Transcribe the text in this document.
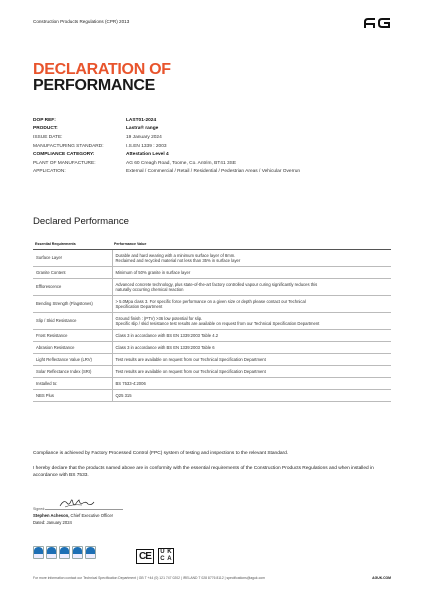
Construction Products Regulations (CPR) 2013
DECLARATION OF
PERFORMANCE
DOP REF:	LAST01-2024
PRODUCT:	Lastra® range
ISSUE DATE:	19 January 2024
MANUFACTURING STANDARD:	I.S.EN 1339 : 2003
COMPLIANCE CATEGORY:	Attestation Level 4
PLANT OF MANUFACTURE:	AG 60 Creagh Road, Toome, Co. Antrim, BT41 3SE
APPLICATION:	External / Commercial / Retail / Residential / Pedestrian Areas / Vehicular Overrun
Declared Performance
Essential Requirements	Performance Value
Surface Layer	Durable and hard wearing with a minimum surface layer of 8mm.
Reclaimed and recycled material not less than 35% in surface layer

Granite Content	Minimum of 50% granite in surface layer

Efflorescence	Advanced concrete technology, plus state-of-the-art factory controlled vapour curing significantly reduces this
naturally occurring chemical reaction

Bending Strength (Flagstones)	> 5.0Mpa class 3. For specific force performance on a given size or depth please contact our Technical
Specification Department

Slip / Skid Resistance	Ground finish : (PTV) >36 low potential for slip.
Specific slip / skid resistance test results are available on request from our Technical Specification Department

Frost Resistance	Class 3 in accordance with BS EN 1339:2003 Table 4.2

Abrasion Resistance	Class 3 in accordance with BS EN 1339:2003 Table 6

Light Reflectance Value (LRV)	Test results are available on request from our Technical Specification Department

Solar Reflectance Index (SRI)	Test results are available on request from our Technical Specification Department

Installed to:	BS 7533-4:2006

NBS Plus	Q25 315
Compliance is achieved by Factory Processed Control (FPC) system of testing and inspections to the relevant Standard.
I hereby declare that the products named above are in conformity with the essential requirements of the Construction Products Regulations and when installed in accordance with BS 7533.
Signed:
Stephen Acheson, Chief Executive Officer
Dated: January 2024
CE	U K
C A
For more information contact our Technical Specification Department | GB T +44 (0) 121 747 0202 | IRELAND T 028 8776 8112 | specifications@aguk.com	AGUK.COM
